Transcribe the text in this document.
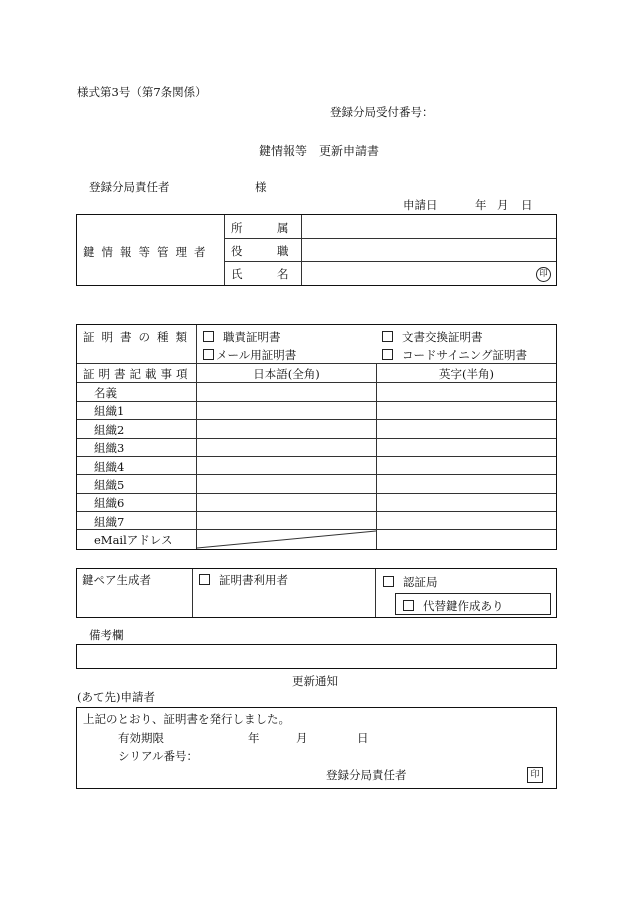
様式第3号（第7条関係）
登録分局受付番号：
鍵情報等　更新申請書
登録分局責任者	様
申請日	年 月 日
鍵情報等管理者
所　　　属
役　　　職
氏　　　名	印
証明書の種類	職責証明書	文書交換証明書
メール用証明書	コードサイニング証明書
証明書記載事項	日本語(全角)	英字(半角)
名義
組織1
組織2
組織3
組織4
組織5
組織6
組織7
eMailアドレス
鍵ペア生成者	証明書利用者	認証局
代替鍵作成あり
備考欄
更新通知
(あて先)申請者
上記のとおり、証明書を発行しました。
有効期限	年	月	日
シリアル番号：
登録分局責任者	印
